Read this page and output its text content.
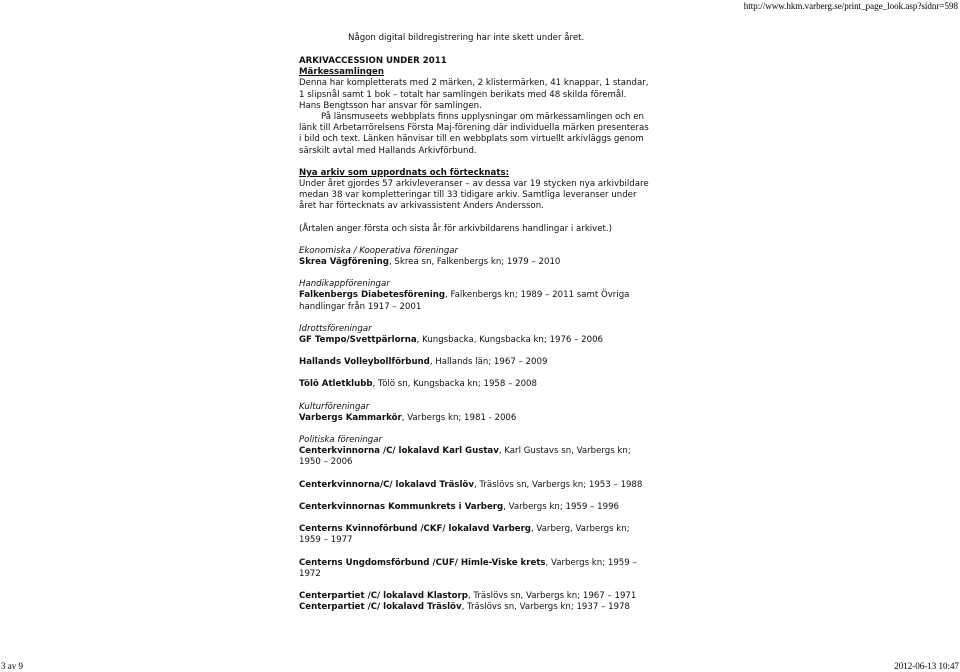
http://www.hkm.varberg.se/print_page_look.asp?sidnr=598
Någon digital bildregistrering har inte skett under året.

ARKIVACCESSION UNDER 2011

Märkessamlingen

Denna har kompletterats med 2 märken, 2 klistermärken, 41 knappar, 1 standar, 1 slipsnål samt 1 bok – totalt har samlingen berikats med 48 skilda föremål. Hans Bengtsson har ansvar för samlingen.

På länsmuseets webbplats finns upplysningar om märkessamlingen och en länk till Arbetarrörelsens Första Maj-förening där individuella märken presenteras i bild och text. Länken hänvisar till en webbplats som virtuellt arkivläggs genom särskilt avtal med Hallands Arkivförbund.

Nya arkiv som uppordnats och förtecknats:

Under året gjordes 57 arkivleveranser – av dessa var 19 stycken nya arkivbildare medan 38 var kompletteringar till 33 tidigare arkiv. Samtliga leveranser under året har förtecknats av arkivassistent Anders Andersson.

(Årtalen anger första och sista år för arkivbildarens handlingar i arkivet.)

Ekonomiska / Kooperativa föreningar

Skrea Vägförening, Skrea sn, Falkenbergs kn; 1979 – 2010

Handikappföreningar

Falkenbergs Diabetesförening, Falkenbergs kn; 1989 – 2011 samt Övriga handlingar från 1917 – 2001

Idrottsföreningar

GF Tempo/Svettpärlorna, Kungsbacka, Kungsbacka kn; 1976 – 2006

Hallands Volleybollförbund, Hallands län; 1967 – 2009

Tölö Atletklubb, Tölö sn, Kungsbacka kn; 1958 – 2008

Kulturföreningar

Varbergs Kammarkör, Varbergs kn; 1981 - 2006

Politiska föreningar

Centerkvinnorna /C/ lokalavd Karl Gustav, Karl Gustavs sn, Varbergs kn; 1950 – 2006

Centerkvinnorna/C/ lokalavd Träslöv, Träslövs sn, Varbergs kn; 1953 – 1988

Centerkvinnornas Kommunkrets i Varberg, Varbergs kn; 1959 – 1996

Centerns Kvinnoförbund /CKF/ lokalavd Varberg, Varberg, Varbergs kn; 1959 – 1977

Centerns Ungdomsförbund /CUF/ Himle-Viske krets, Varbergs kn; 1959 – 1972

Centerpartiet /C/ lokalavd Klastorp, Träslövs sn, Varbergs kn; 1967 – 1971

Centerpartiet /C/ lokalavd Träslöv, Träslövs sn, Varbergs kn; 1937 – 1978

3 av 9	2012-06-13 10:47
